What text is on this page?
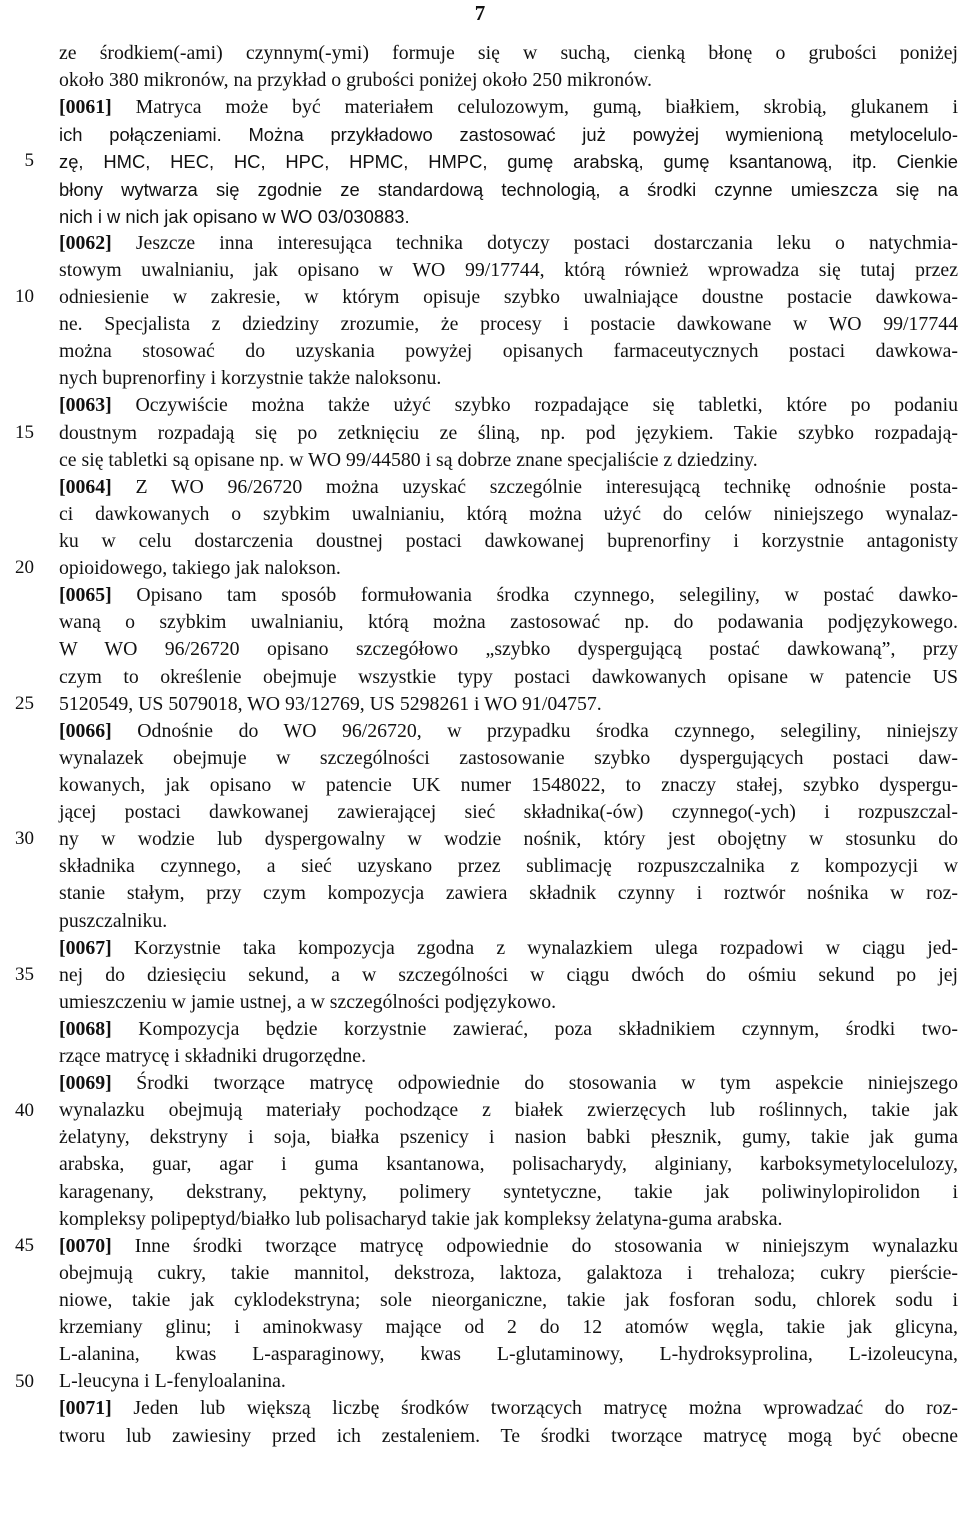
7
5
10
15
20
25
30
35
40
45
50
ze środkiem(-ami) czynnym(-ymi) formuje się w suchą, cienką błonę o grubości poniżej
około 380 mikronów, na przykład o grubości poniżej około 250 mikronów.
[0061] Matryca może być materiałem celulozowym, gumą, białkiem, skrobią, glukanem i
ich połączeniami. Można przykładowo zastosować już powyżej wymienioną metylocelulo-
zę, HMC, HEC, HC, HPC, HPMC, HMPC, gumę arabską, gumę ksantanową, itp. Cienkie
błony wytwarza się zgodnie ze standardową technologią, a środki czynne umieszcza się na
nich i w nich jak opisano w WO 03/030883.
[0062] Jeszcze inna interesująca technika dotyczy postaci dostarczania leku o natychmia-
stowym uwalnianiu, jak opisano w WO 99/17744, którą również wprowadza się tutaj przez
odniesienie w zakresie, w którym opisuje szybko uwalniające doustne postacie dawkowa-
ne. Specjalista z dziedziny zrozumie, że procesy i postacie dawkowane w WO 99/17744
można stosować do uzyskania powyżej opisanych farmaceutycznych postaci dawkowa-
nych buprenorfiny i korzystnie także naloksonu.
[0063] Oczywiście można także użyć szybko rozpadające się tabletki, które po podaniu
doustnym rozpadają się po zetknięciu ze śliną, np. pod językiem. Takie szybko rozpadają-
ce się tabletki są opisane np. w WO 99/44580 i są dobrze znane specjaliście z dziedziny.
[0064] Z WO 96/26720 można uzyskać szczególnie interesującą technikę odnośnie posta-
ci dawkowanych o szybkim uwalnianiu, którą można użyć do celów niniejszego wynalaz-
ku w celu dostarczenia doustnej postaci dawkowanej buprenorfiny i korzystnie antagonisty
opioidowego, takiego jak nalokson.
[0065] Opisano tam sposób formułowania środka czynnego, selegiliny, w postać dawko-
waną o szybkim uwalnianiu, którą można zastosować np. do podawania podjęzykowego.
W WO 96/26720 opisano szczegółowo „szybko dyspergującą postać dawkowaną”, przy
czym to określenie obejmuje wszystkie typy postaci dawkowanych opisane w patencie US
5120549, US 5079018, WO 93/12769, US 5298261 i WO 91/04757.
[0066] Odnośnie do WO 96/26720, w przypadku środka czynnego, selegiliny, niniejszy
wynalazek obejmuje w szczególności zastosowanie szybko dyspergujących postaci daw-
kowanych, jak opisano w patencie UK numer 1548022, to znaczy stałej, szybko dyspergu-
jącej postaci dawkowanej zawierającej sieć składnika(-ów) czynnego(-ych) i rozpuszczal-
ny w wodzie lub dyspergowalny w wodzie nośnik, który jest obojętny w stosunku do
składnika czynnego, a sieć uzyskano przez sublimację rozpuszczalnika z kompozycji w
stanie stałym, przy czym kompozycja zawiera składnik czynny i roztwór nośnika w roz-
puszczalniku.
[0067] Korzystnie taka kompozycja zgodna z wynalazkiem ulega rozpadowi w ciągu jed-
nej do dziesięciu sekund, a w szczególności w ciągu dwóch do ośmiu sekund po jej
umieszczeniu w jamie ustnej, a w szczególności podjęzykowo.
[0068] Kompozycja będzie korzystnie zawierać, poza składnikiem czynnym, środki two-
rzące matrycę i składniki drugorzędne.
[0069] Środki tworzące matrycę odpowiednie do stosowania w tym aspekcie niniejszego
wynalazku obejmują materiały pochodzące z białek zwierzęcych lub roślinnych, takie jak
żelatyny, dekstryny i soja, białka pszenicy i nasion babki płesznik, gumy, takie jak guma
arabska, guar, agar i guma ksantanowa, polisacharydy, alginiany, karboksymetylocelulozy,
karagenany, dekstrany, pektyny, polimery syntetyczne, takie jak poliwinylopirolidon i
kompleksy polipeptyd/białko lub polisacharyd takie jak kompleksy żelatyna-guma arabska.
[0070] Inne środki tworzące matrycę odpowiednie do stosowania w niniejszym wynalazku
obejmują cukry, takie mannitol, dekstroza, laktoza, galaktoza i trehaloza; cukry pierście-
niowe, takie jak cyklodekstryna; sole nieorganiczne, takie jak fosforan sodu, chlorek sodu i
krzemiany glinu; i aminokwasy mające od 2 do 12 atomów węgla, takie jak glicyna,
L-alanina, kwas L-asparaginowy, kwas L-glutaminowy, L-hydroksyprolina, L-izoleucyna,
L-leucyna i L-fenyloalanina.
[0071] Jeden lub większą liczbę środków tworzących matrycę można wprowadzać do roz-
tworu lub zawiesiny przed ich zestaleniem. Te środki tworzące matrycę mogą być obecne
